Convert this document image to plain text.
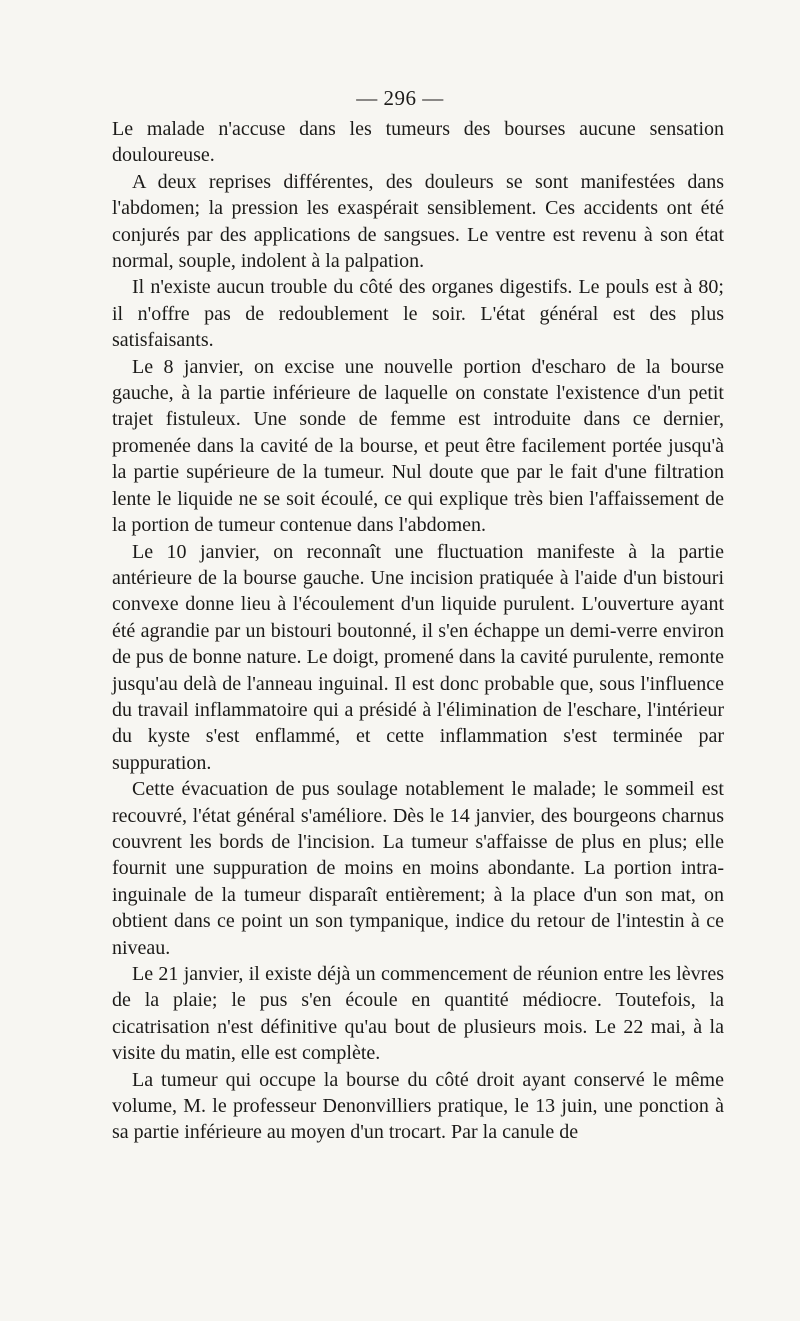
— 296 —

Le malade n'accuse dans les tumeurs des bourses aucune sensation douloureuse.

A deux reprises différentes, des douleurs se sont manifestées dans l'abdomen; la pression les exaspérait sensiblement. Ces accidents ont été conjurés par des applications de sangsues. Le ventre est revenu à son état normal, souple, indolent à la palpation.

Il n'existe aucun trouble du côté des organes digestifs. Le pouls est à 80; il n'offre pas de redoublement le soir. L'état général est des plus satisfaisants.

Le 8 janvier, on excise une nouvelle portion d'escharo de la bourse gauche, à la partie inférieure de laquelle on constate l'existence d'un petit trajet fistuleux. Une sonde de femme est introduite dans ce dernier, promenée dans la cavité de la bourse, et peut être facilement portée jusqu'à la partie supérieure de la tumeur. Nul doute que par le fait d'une filtration lente le liquide ne se soit écoulé, ce qui explique très bien l'affaissement de la portion de tumeur contenue dans l'abdomen.

Le 10 janvier, on reconnaît une fluctuation manifeste à la partie antérieure de la bourse gauche. Une incision pratiquée à l'aide d'un bistouri convexe donne lieu à l'écoulement d'un liquide purulent. L'ouverture ayant été agrandie par un bistouri boutonné, il s'en échappe un demi-verre environ de pus de bonne nature. Le doigt, promené dans la cavité purulente, remonte jusqu'au delà de l'anneau inguinal. Il est donc probable que, sous l'influence du travail inflammatoire qui a présidé à l'élimination de l'eschare, l'intérieur du kyste s'est enflammé, et cette inflammation s'est terminée par suppuration.

Cette évacuation de pus soulage notablement le malade; le sommeil est recouvré, l'état général s'améliore. Dès le 14 janvier, des bourgeons charnus couvrent les bords de l'incision. La tumeur s'affaisse de plus en plus; elle fournit une suppuration de moins en moins abondante. La portion intra-inguinale de la tumeur disparaît entièrement; à la place d'un son mat, on obtient dans ce point un son tympanique, indice du retour de l'intestin à ce niveau.

Le 21 janvier, il existe déjà un commencement de réunion entre les lèvres de la plaie; le pus s'en écoule en quantité médiocre. Toutefois, la cicatrisation n'est définitive qu'au bout de plusieurs mois. Le 22 mai, à la visite du matin, elle est complète.

La tumeur qui occupe la bourse du côté droit ayant conservé le même volume, M. le professeur Denonvilliers pratique, le 13 juin, une ponction à sa partie inférieure au moyen d'un trocart. Par la canule de
